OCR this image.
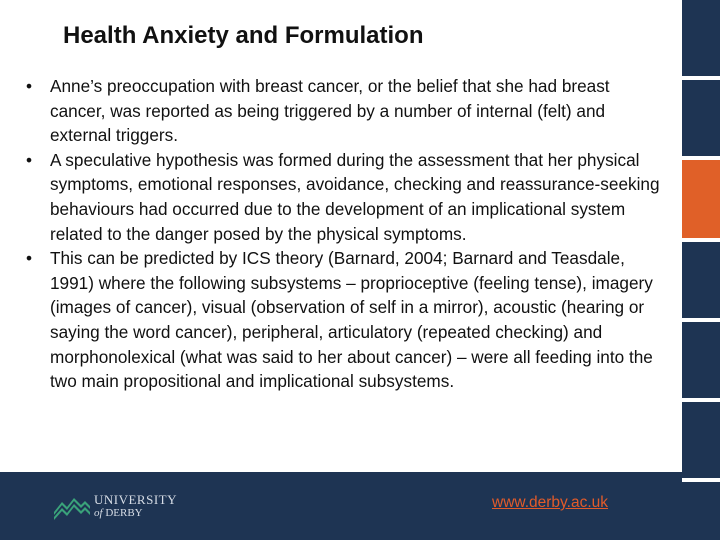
Health Anxiety and Formulation
• Anne’s preoccupation with breast cancer, or the belief that she had breast cancer, was reported as being triggered by a number of internal (felt) and external triggers.
• A speculative hypothesis was formed during the assessment that her physical symptoms, emotional responses, avoidance, checking and reassurance-seeking behaviours had occurred due to the development of an implicational system related to the danger posed by the physical symptoms.
• This can be predicted by ICS theory (Barnard, 2004; Barnard and Teasdale, 1991) where the following subsystems – proprioceptive (feeling tense), imagery (images of cancer), visual (observation of self in a mirror), acoustic (hearing or saying the word cancer), peripheral, articulatory (repeated checking) and morphonolexical (what was said to her about cancer) – were all feeding into the two main propositional and implicational subsystems.
UNIVERSITY
of DERBY
www.derby.ac.uk
